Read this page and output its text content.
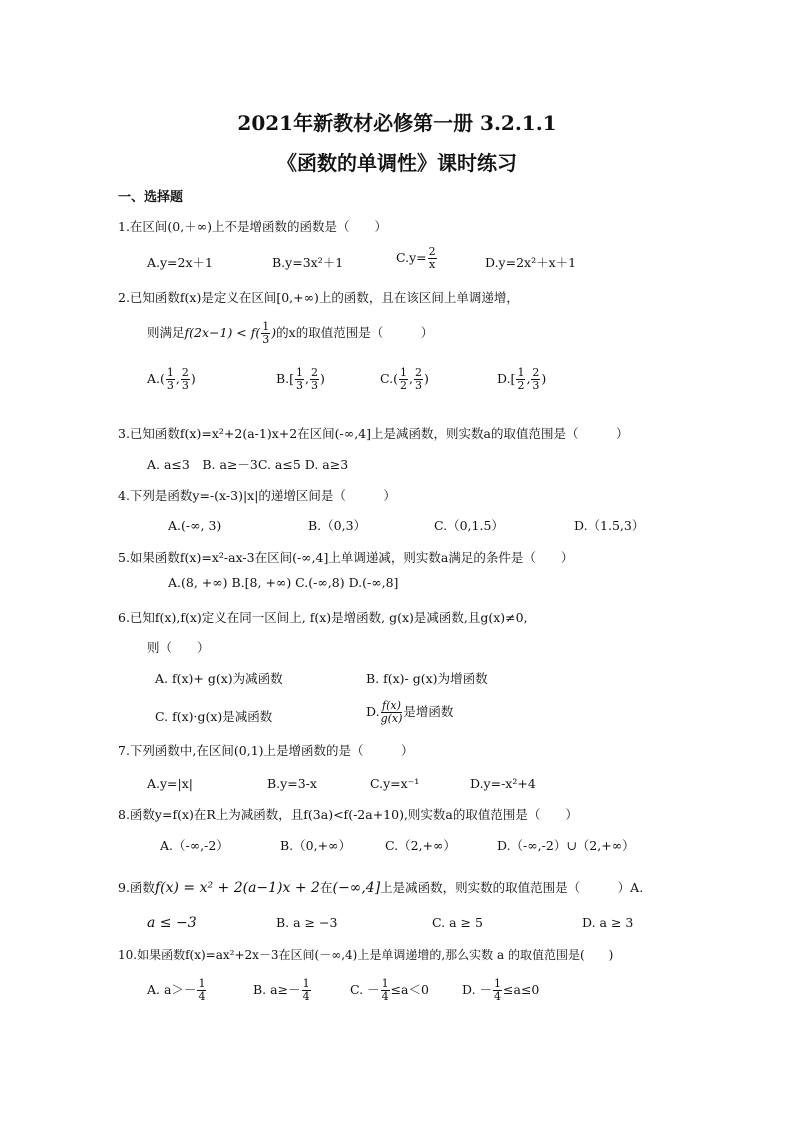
2021年新教材必修第一册 3.2.1.1
《函数的单调性》课时练习
一、选择题
1.在区间(0,＋∞)上不是增函数的函数是（　　）
A.y=2x＋1	B.y=3x²＋1	$C.y= \frac{2}{x}$	D.y=2x²＋x＋1
2.已知函数f(x)是定义在区间[0,+∞)上的函数，且在该区间上单调递增，
则满足$f(2x-1) < f( \frac{1}{3}$ )的x的取值范围是（　　　）
$A.( \frac{1}{3}$ , $\frac{2}{3}$ )	$B.[ \frac{1}{3}$ , $\frac{2}{3}$ )	$C.( \frac{1}{2}$ , $\frac{2}{3}$ )	$D.[ \frac{1}{2}$ , $\frac{2}{3}$ )
3.已知函数f(x)=x²+2(a-1)x+2在区间(-∞,4]上是减函数，则实数a的取值范围是（　　　）
A. a≤3　B. a≥－3C. a≤5 D. a≥3
4.下列是函数y=-(x-3)|x|的递增区间是（　　　）
A.(-∞, 3)	B.（0,3）	C.（0,1.5）	D.（1.5,3）
5.如果函数f(x)=x²-ax-3在区间(-∞,4]上单调递减，则实数a满足的条件是（　　）
A.(8, +∞) B.[8, +∞) C.(-∞,8) D.(-∞,8]
6.已知f(x),f(x)定义在同一区间上, f(x)是增函数, g(x)是减函数,且g(x)≠0,
则（　　）
A. f(x)+ g(x)为减函数	B. f(x)- g(x)为增函数
C. f(x)·g(x)是减函数	D. $\frac{f(x)}{g(x)}$ 是增函数
7.下列函数中,在区间(0,1)上是增函数的是（　　　）
A.y=|x|	B.y=3-x	C.y=x⁻¹	D.y=-x²+4
8.函数y=f(x)在R上为减函数，且f(3a)<f(-2a+10),则实数a的取值范围是（　　）
A.（-∞,-2）	B.（0,+∞）	C.（2,+∞）	D.（-∞,-2）∪（2,+∞）
9.函数f(x) = x² + 2(a−1)x + 2在(−∞,4]上是减函数，则实数的取值范围是（　　　）A.
a ≤ −3	B. a ≥ −3	C. a ≥ 5	D. a ≥ 3
10.如果函数f(x)=ax²+2x－3在区间(－∞,4)上是单调递增的,那么实数 a 的取值范围是(　　)
A. $a>- \frac{1}{4}$	B. $a\ge- \frac{1}{4}$	C. － $\frac{1}{4} \le a<0$	D. － $\frac{1}{4} \le a\le 0$
